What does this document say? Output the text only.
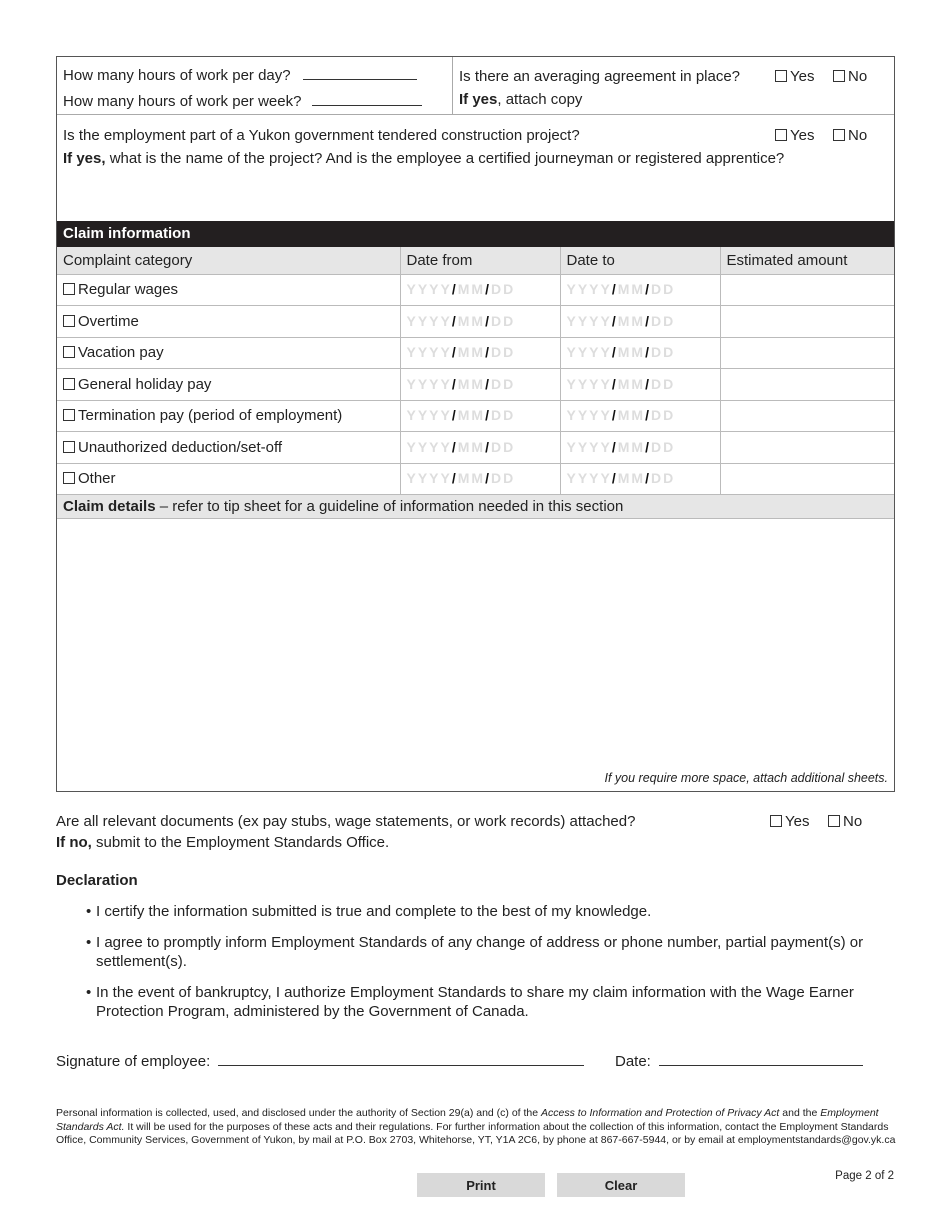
How many hours of work per day?
How many hours of work per week?
Is there an averaging agreement in place?
If yes, attach copy
Yes	No
Is the employment part of a Yukon government tendered construction project?
If yes, what is the name of the project? And is the employee a certified journeyman or registered apprentice?
Yes	No
Claim information
Complaint category	Date from	Date to	Estimated amount
Regular wages	YYYY/MM/DD	YYYY/MM/DD	
Overtime	YYYY/MM/DD	YYYY/MM/DD	
Vacation pay	YYYY/MM/DD	YYYY/MM/DD	
General holiday pay	YYYY/MM/DD	YYYY/MM/DD	
Termination pay (period of employment)	YYYY/MM/DD	YYYY/MM/DD	
Unauthorized deduction/set-off	YYYY/MM/DD	YYYY/MM/DD	
Other	YYYY/MM/DD	YYYY/MM/DD	
Claim details – refer to tip sheet for a guideline of information needed in this section
If you require more space, attach additional sheets.
Are all relevant documents (ex pay stubs, wage statements, or work records) attached?
If no, submit to the Employment Standards Office.
Yes	No
Declaration
• I certify the information submitted is true and complete to the best of my knowledge.
• I agree to promptly inform Employment Standards of any change of address or phone number, partial payment(s) or settlement(s).
• In the event of bankruptcy, I authorize Employment Standards to share my claim information with the Wage Earner Protection Program, administered by the Government of Canada.
Signature of employee:	Date:
Personal information is collected, used, and disclosed under the authority of Section 29(a) and (c) of the Access to Information and Protection of Privacy Act and the Employment Standards Act. It will be used for the purposes of these acts and their regulations. For further information about the collection of this information, contact the Employment Standards Office, Community Services, Government of Yukon, by mail at P.O. Box 2703, Whitehorse, YT, Y1A 2C6, by phone at 867-667-5944, or by email at employmentstandards@gov.yk.ca
Print	Clear
Page 2 of 2
